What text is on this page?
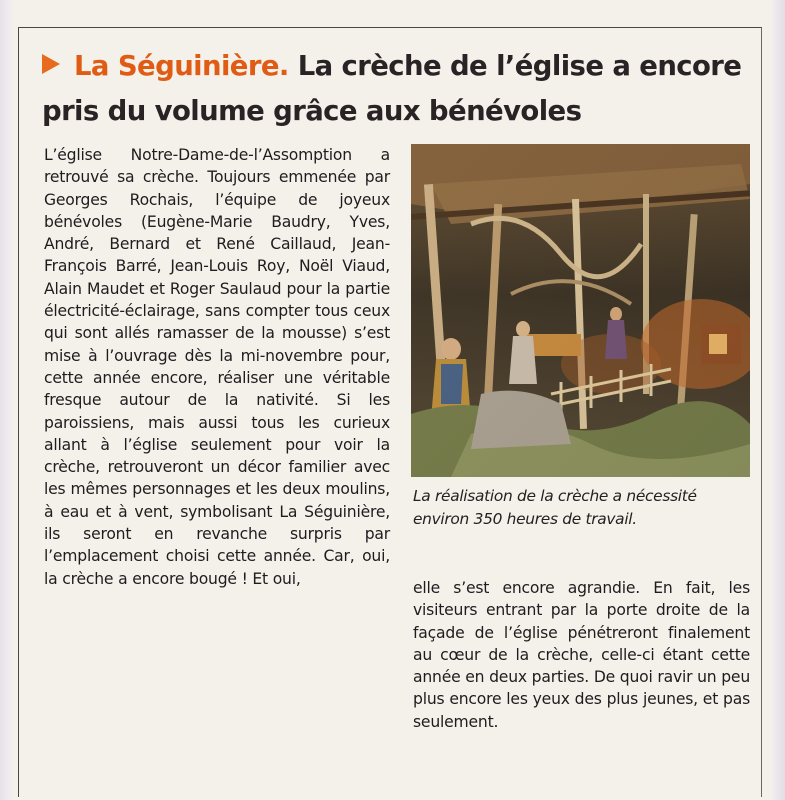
La Séguinière. La crèche de l’église a encore pris du volume grâce aux bénévoles

L’église Notre-Dame-de-l’Assomption a retrouvé sa crèche. Toujours emmenée par Georges Rochais, l’équipe de joyeux bénévoles (Eugène-Marie Baudry, Yves, André, Bernard et René Caillaud, Jean-François Barré, Jean-Louis Roy, Noël Viaud, Alain Maudet et Roger Saulaud pour la partie électricité-éclairage, sans compter tous ceux qui sont allés ramasser de la mousse) s’est mise à l’ouvrage dès la mi-novembre pour, cette année encore, réaliser une véritable fresque autour de la nativité. Si les paroissiens, mais aussi tous les curieux allant à l’église seulement pour voir la crèche, retrouveront un décor familier avec les mêmes personnages et les deux moulins, à eau et à vent, symbolisant La Séguinière, ils seront en revanche surpris par l’emplacement choisi cette année. Car, oui, la crèche a encore bougé ! Et oui,

La réalisation de la crèche a nécessité environ 350 heures de travail.

elle s’est encore agrandie. En fait, les visiteurs entrant par la porte droite de la façade de l’église pénétreront finalement au cœur de la crèche, celle-ci étant cette année en deux parties. De quoi ravir un peu plus encore les yeux des plus jeunes, et pas seulement.
